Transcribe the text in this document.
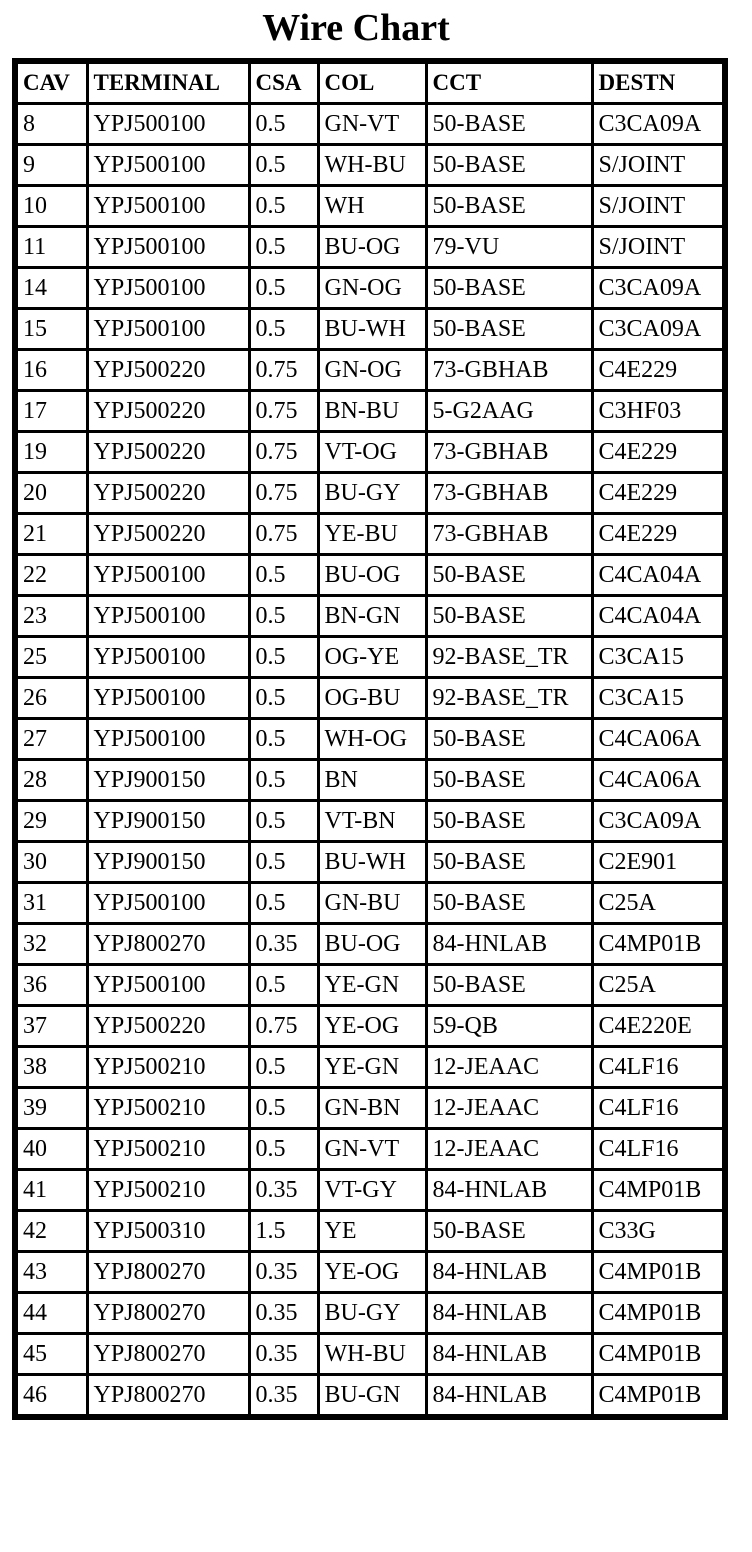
Wire Chart
CAV	TERMINAL	CSA	COL	CCT	DESTN
8	YPJ500100	0.5	GN-VT	50-BASE	C3CA09A
9	YPJ500100	0.5	WH-BU	50-BASE	S/JOINT
10	YPJ500100	0.5	WH	50-BASE	S/JOINT
11	YPJ500100	0.5	BU-OG	79-VU	S/JOINT
14	YPJ500100	0.5	GN-OG	50-BASE	C3CA09A
15	YPJ500100	0.5	BU-WH	50-BASE	C3CA09A
16	YPJ500220	0.75	GN-OG	73-GBHAB	C4E229
17	YPJ500220	0.75	BN-BU	5-G2AAG	C3HF03
19	YPJ500220	0.75	VT-OG	73-GBHAB	C4E229
20	YPJ500220	0.75	BU-GY	73-GBHAB	C4E229
21	YPJ500220	0.75	YE-BU	73-GBHAB	C4E229
22	YPJ500100	0.5	BU-OG	50-BASE	C4CA04A
23	YPJ500100	0.5	BN-GN	50-BASE	C4CA04A
25	YPJ500100	0.5	OG-YE	92-BASE_TR	C3CA15
26	YPJ500100	0.5	OG-BU	92-BASE_TR	C3CA15
27	YPJ500100	0.5	WH-OG	50-BASE	C4CA06A
28	YPJ900150	0.5	BN	50-BASE	C4CA06A
29	YPJ900150	0.5	VT-BN	50-BASE	C3CA09A
30	YPJ900150	0.5	BU-WH	50-BASE	C2E901
31	YPJ500100	0.5	GN-BU	50-BASE	C25A
32	YPJ800270	0.35	BU-OG	84-HNLAB	C4MP01B
36	YPJ500100	0.5	YE-GN	50-BASE	C25A
37	YPJ500220	0.75	YE-OG	59-QB	C4E220E
38	YPJ500210	0.5	YE-GN	12-JEAAC	C4LF16
39	YPJ500210	0.5	GN-BN	12-JEAAC	C4LF16
40	YPJ500210	0.5	GN-VT	12-JEAAC	C4LF16
41	YPJ500210	0.35	VT-GY	84-HNLAB	C4MP01B
42	YPJ500310	1.5	YE	50-BASE	C33G
43	YPJ800270	0.35	YE-OG	84-HNLAB	C4MP01B
44	YPJ800270	0.35	BU-GY	84-HNLAB	C4MP01B
45	YPJ800270	0.35	WH-BU	84-HNLAB	C4MP01B
46	YPJ800270	0.35	BU-GN	84-HNLAB	C4MP01B
